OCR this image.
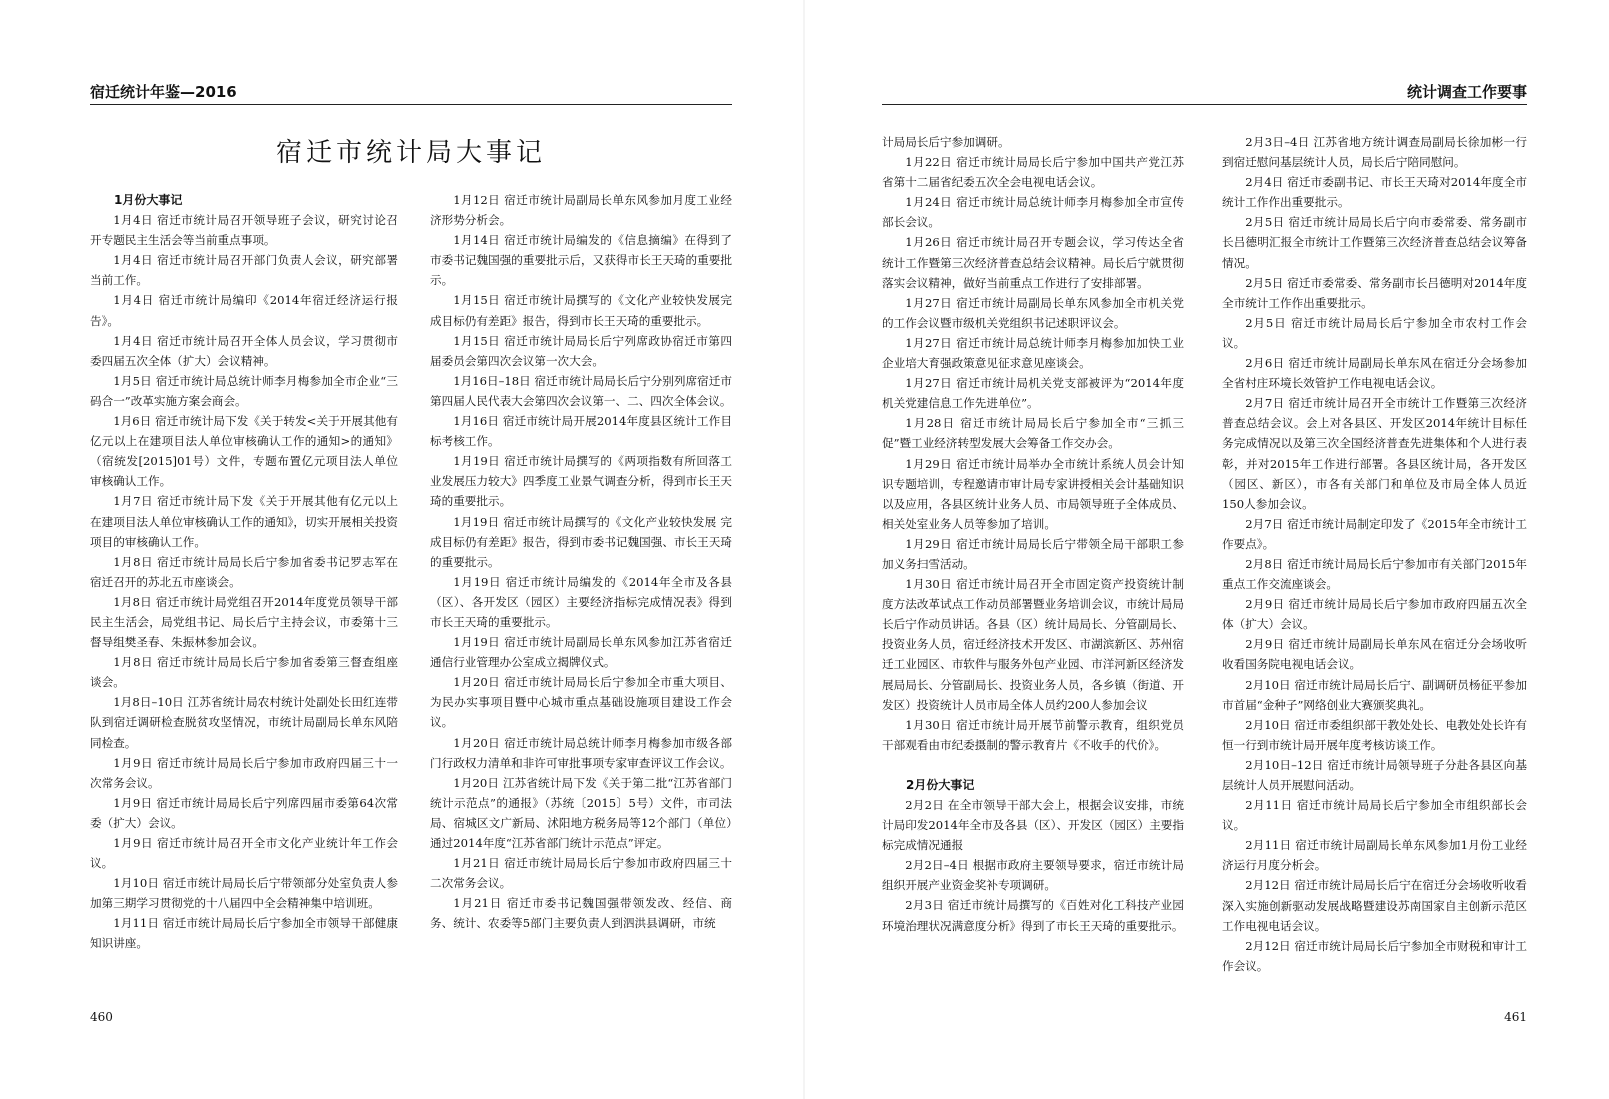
宿迁统计年鉴—2016
宿迁市统计局大事记
1月份大事记

1月4日 宿迁市统计局召开领导班子会议，研究讨论召开专题民主生活会等当前重点事项。

1月4日 宿迁市统计局召开部门负责人会议，研究部署当前工作。

1月4日 宿迁市统计局编印《2014年宿迁经济运行报告》。

1月4日 宿迁市统计局召开全体人员会议，学习贯彻市委四届五次全体（扩大）会议精神。

1月5日 宿迁市统计局总统计师李月梅参加全市企业“三码合一”改革实施方案会商会。

1月6日 宿迁市统计局下发《关于转发<关于开展其他有亿元以上在建项目法人单位审核确认工作的通知>的通知》（宿统发[2015]01号）文件，专题布置亿元项目法人单位审核确认工作。

1月7日 宿迁市统计局下发《关于开展其他有亿元以上在建项目法人单位审核确认工作的通知》，切实开展相关投资项目的审核确认工作。

1月8日 宿迁市统计局局长后宁参加省委书记罗志军在宿迁召开的苏北五市座谈会。

1月8日 宿迁市统计局党组召开2014年度党员领导干部民主生活会，局党组书记、局长后宁主持会议，市委第十三督导组樊圣春、朱振林参加会议。

1月8日 宿迁市统计局局长后宁参加省委第三督查组座谈会。

1月8日–10日 江苏省统计局农村统计处副处长田红连带队到宿迁调研检查脱贫攻坚情况，市统计局副局长单东风陪同检查。

1月9日 宿迁市统计局局长后宁参加市政府四届三十一次常务会议。

1月9日 宿迁市统计局局长后宁列席四届市委第64次常委（扩大）会议。

1月9日 宿迁市统计局召开全市文化产业统计年工作会议。

1月10日 宿迁市统计局局长后宁带领部分处室负责人参加第三期学习贯彻党的十八届四中全会精神集中培训班。

1月11日 宿迁市统计局局长后宁参加全市领导干部健康知识讲座。

1月12日 宿迁市统计局副局长单东风参加月度工业经济形势分析会。

1月14日 宿迁市统计局编发的《信息摘编》在得到了市委书记魏国强的重要批示后，又获得市长王天琦的重要批示。

1月15日 宿迁市统计局撰写的《文化产业较快发展完成目标仍有差距》报告，得到市长王天琦的重要批示。

1月15日 宿迁市统计局局长后宁列席政协宿迁市第四届委员会第四次会议第一次大会。

1月16日–18日 宿迁市统计局局长后宁分别列席宿迁市第四届人民代表大会第四次会议第一、二、四次全体会议。

1月16日 宿迁市统计局开展2014年度县区统计工作目标考核工作。

1月19日 宿迁市统计局撰写的《两项指数有所回落工业发展压力较大》四季度工业景气调查分析，得到市长王天琦的重要批示。

1月19日 宿迁市统计局撰写的《文化产业较快发展 完成目标仍有差距》报告，得到市委书记魏国强、市长王天琦的重要批示。

1月19日 宿迁市统计局编发的《2014年全市及各县（区）、各开发区（园区）主要经济指标完成情况表》得到市长王天琦的重要批示。

1月19日 宿迁市统计局副局长单东风参加江苏省宿迁通信行业管理办公室成立揭牌仪式。

1月20日 宿迁市统计局局长后宁参加全市重大项目、为民办实事项目暨中心城市重点基础设施项目建设工作会议。

1月20日 宿迁市统计局总统计师李月梅参加市级各部门行政权力清单和非许可审批事项专家审查评议工作会议。

1月20日 江苏省统计局下发《关于第二批“江苏省部门统计示范点”的通报》（苏统〔2015〕5号）文件，市司法局、宿城区文广新局、沭阳地方税务局等12个部门（单位）通过2014年度“江苏省部门统计示范点”评定。

1月21日 宿迁市统计局局长后宁参加市政府四届三十二次常务会议。

1月21日 宿迁市委书记魏国强带领发改、经信、商务、统计、农委等5部门主要负责人到泗洪县调研，市统

460
统计调查工作要事

计局局长后宁参加调研。

1月22日 宿迁市统计局局长后宁参加中国共产党江苏省第十二届省纪委五次全会电视电话会议。

1月24日 宿迁市统计局总统计师李月梅参加全市宣传部长会议。

1月26日 宿迁市统计局召开专题会议，学习传达全省统计工作暨第三次经济普查总结会议精神。局长后宁就贯彻落实会议精神，做好当前重点工作进行了安排部署。

1月27日 宿迁市统计局副局长单东风参加全市机关党的工作会议暨市级机关党组织书记述职评议会。

1月27日 宿迁市统计局总统计师李月梅参加加快工业企业培大育强政策意见征求意见座谈会。

1月27日 宿迁市统计局机关党支部被评为“2014年度机关党建信息工作先进单位”。

1月28日 宿迁市统计局局长后宁参加全市“三抓三促”暨工业经济转型发展大会筹备工作交办会。

1月29日 宿迁市统计局举办全市统计系统人员会计知识专题培训，专程邀请市审计局专家讲授相关会计基础知识以及应用，各县区统计业务人员、市局领导班子全体成员、相关处室业务人员等参加了培训。

1月29日 宿迁市统计局局长后宁带领全局干部职工参加义务扫雪活动。

1月30日 宿迁市统计局召开全市固定资产投资统计制度方法改革试点工作动员部署暨业务培训会议，市统计局局长后宁作动员讲话。各县（区）统计局局长、分管副局长、投资业务人员，宿迁经济技术开发区、市湖滨新区、苏州宿迁工业园区、市软件与服务外包产业园、市洋河新区经济发展局局长、分管副局长、投资业务人员，各乡镇（街道、开发区）投资统计人员市局全体人员约200人参加会议

1月30日 宿迁市统计局开展节前警示教育，组织党员干部观看由市纪委摄制的警示教育片《不收手的代价》。

2月份大事记

2月2日 在全市领导干部大会上，根据会议安排，市统计局印发2014年全市及各县（区）、开发区（园区）主要指标完成情况通报

2月2日–4日 根据市政府主要领导要求，宿迁市统计局组织开展产业资金奖补专项调研。

2月3日 宿迁市统计局撰写的《百姓对化工科技产业园环境治理状况满意度分析》得到了市长王天琦的重要批示。

2月3日–4日 江苏省地方统计调查局副局长徐加彬一行到宿迁慰问基层统计人员，局长后宁陪同慰问。

2月4日 宿迁市委副书记、市长王天琦对2014年度全市统计工作作出重要批示。

2月5日 宿迁市统计局局长后宁向市委常委、常务副市长吕德明汇报全市统计工作暨第三次经济普查总结会议筹备情况。

2月5日 宿迁市委常委、常务副市长吕德明对2014年度全市统计工作作出重要批示。

2月5日 宿迁市统计局局长后宁参加全市农村工作会议。

2月6日 宿迁市统计局副局长单东风在宿迁分会场参加全省村庄环境长效管护工作电视电话会议。

2月7日 宿迁市统计局召开全市统计工作暨第三次经济普查总结会议。会上对各县区、开发区2014年统计目标任务完成情况以及第三次全国经济普查先进集体和个人进行表彰，并对2015年工作进行部署。各县区统计局，各开发区（园区、新区），市各有关部门和单位及市局全体人员近150人参加会议。

2月7日 宿迁市统计局制定印发了《2015年全市统计工作要点》。

2月8日 宿迁市统计局局长后宁参加市有关部门2015年重点工作交流座谈会。

2月9日 宿迁市统计局局长后宁参加市政府四届五次全体（扩大）会议。

2月9日 宿迁市统计局副局长单东风在宿迁分会场收听收看国务院电视电话会议。

2月10日 宿迁市统计局局长后宁、副调研员杨征平参加市首届“金种子”网络创业大赛颁奖典礼。

2月10日 宿迁市委组织部干教处处长、电教处处长许有恒一行到市统计局开展年度考核访谈工作。

2月10日–12日 宿迁市统计局领导班子分赴各县区向基层统计人员开展慰问活动。

2月11日 宿迁市统计局局长后宁参加全市组织部长会议。

2月11日 宿迁市统计局副局长单东风参加1月份工业经济运行月度分析会。

2月12日 宿迁市统计局局长后宁在宿迁分会场收听收看深入实施创新驱动发展战略暨建设苏南国家自主创新示范区工作电视电话会议。

2月12日 宿迁市统计局局长后宁参加全市财税和审计工作会议。

461
